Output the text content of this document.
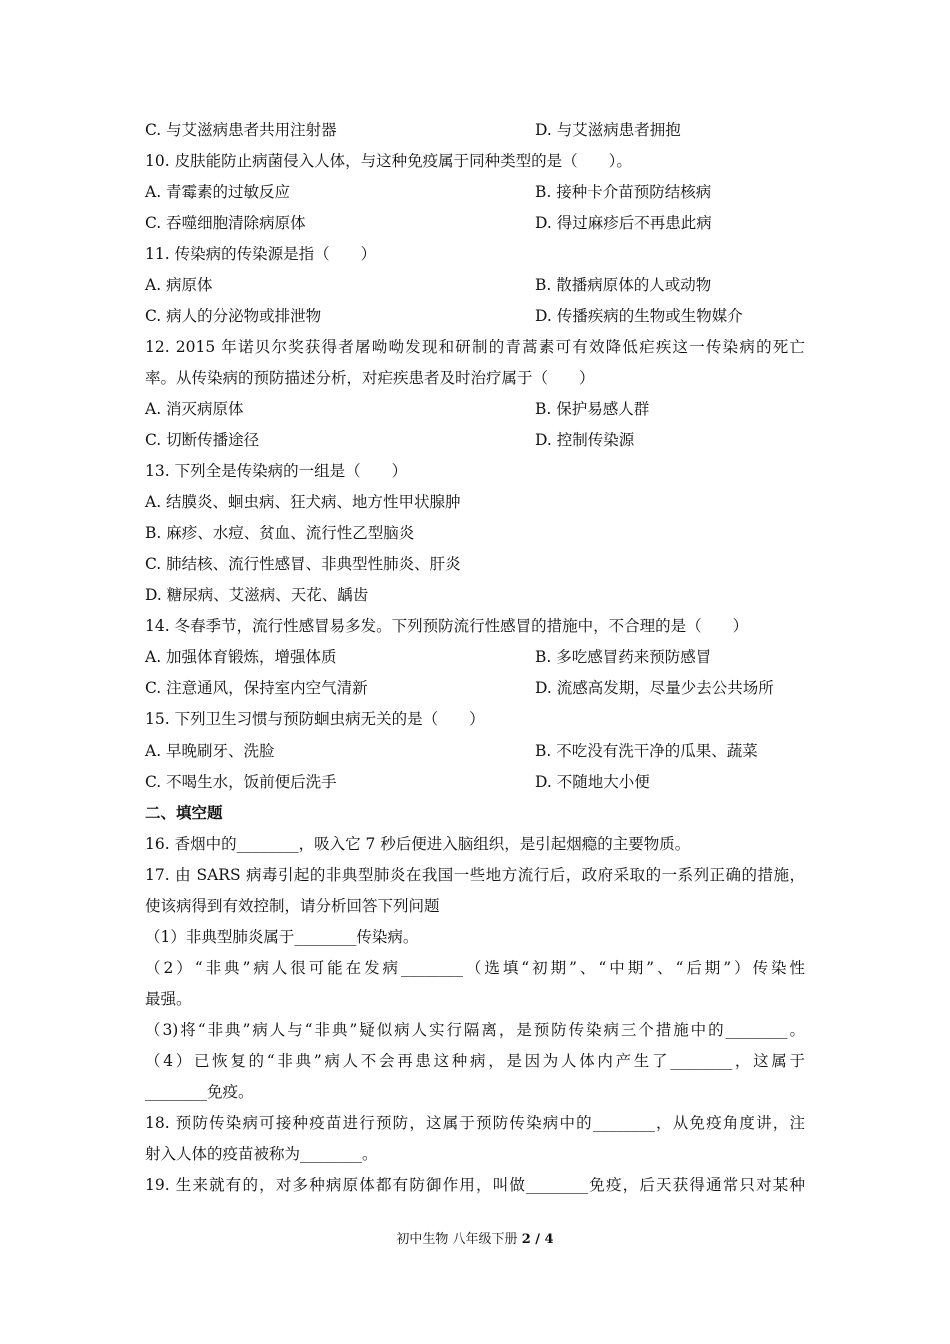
C. 与艾滋病患者共用注射器	D. 与艾滋病患者拥抱
10. 皮肤能防止病菌侵入人体，与这种免疫属于同种类型的是（　　）。
A. 青霉素的过敏反应	B. 接种卡介苗预防结核病
C. 吞噬细胞清除病原体	D. 得过麻疹后不再患此病
11. 传染病的传染源是指（　　）
A. 病原体	B. 散播病原体的人或动物
C. 病人的分泌物或排泄物	D. 传播疾病的生物或生物媒介
12. 2015 年诺贝尔奖获得者屠呦呦发现和研制的青蒿素可有效降低疟疾这一传染病的死亡
率。从传染病的预防描述分析，对疟疾患者及时治疗属于（　　）
A. 消灭病原体	B. 保护易感人群
C. 切断传播途径	D. 控制传染源
13. 下列全是传染病的一组是（　　）
A. 结膜炎、蛔虫病、狂犬病、地方性甲状腺肿
B. 麻疹、水痘、贫血、流行性乙型脑炎
C. 肺结核、流行性感冒、非典型性肺炎、肝炎
D. 糖尿病、艾滋病、天花、龋齿
14. 冬春季节，流行性感冒易多发。下列预防流行性感冒的措施中，不合理的是（　　）
A. 加强体育锻炼，增强体质	B. 多吃感冒药来预防感冒
C. 注意通风，保持室内空气清新	D. 流感高发期，尽量少去公共场所
15. 下列卫生习惯与预防蛔虫病无关的是（　　）
A. 早晚刷牙、洗脸	B. 不吃没有洗干净的瓜果、蔬菜
C. 不喝生水，饭前便后洗手	D. 不随地大小便
二、填空题
16. 香烟中的________，吸入它 7 秒后便进入脑组织，是引起烟瘾的主要物质。
17. 由 SARS 病毒引起的非典型肺炎在我国一些地方流行后，政府采取的一系列正确的措施，
使该病得到有效控制，请分析回答下列问题
（1）非典型肺炎属于________传染病。
（2）“非典”病人很可能在发病________（选填“初期”、“中期”、“后期”）传染性
最强。
（3)将“非典”病人与“非典”疑似病人实行隔离，是预防传染病三个措施中的________。
（4）已恢复的“非典”病人不会再患这种病，是因为人体内产生了________，这属于
________免疫。
18. 预防传染病可接种疫苗进行预防，这属于预防传染病中的________，从免疫角度讲，注
射入人体的疫苗被称为________。
19. 生来就有的，对多种病原体都有防御作用，叫做________免疫，后天获得通常只对某种
初中生物 八年级下册 2 / 4
